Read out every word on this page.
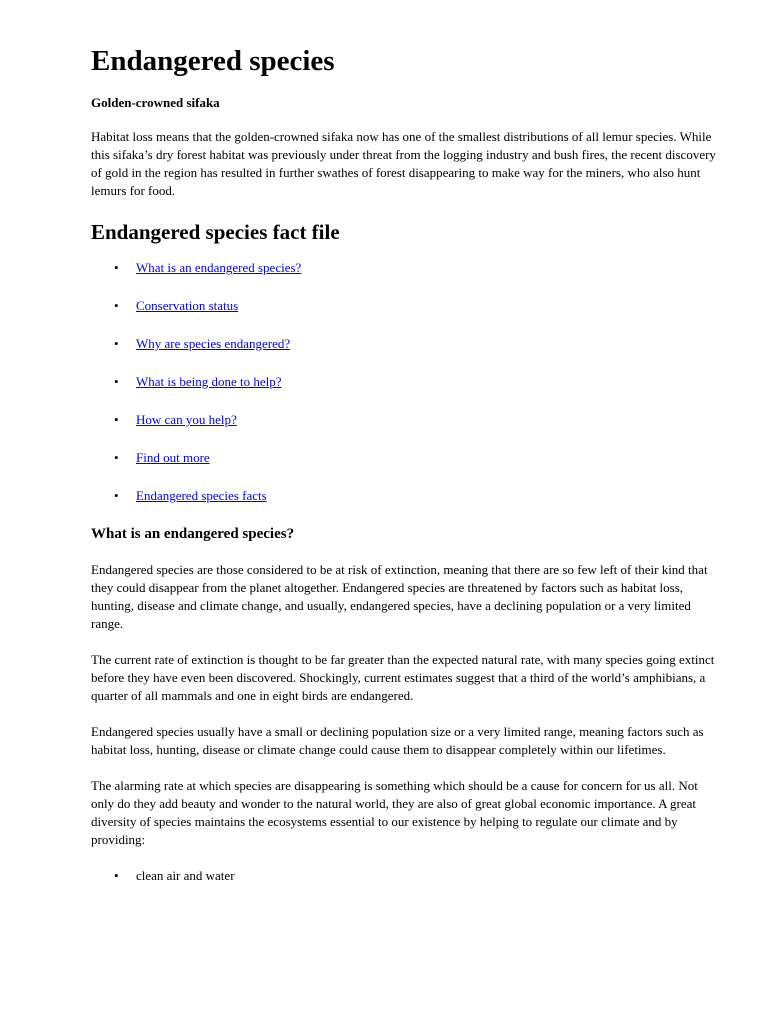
Endangered species
Golden-crowned sifaka

Habitat loss means that the golden-crowned sifaka now has one of the smallest distributions of all lemur species. While this sifaka’s dry forest habitat was previously under threat from the logging industry and bush fires, the recent discovery of gold in the region has resulted in further swathes of forest disappearing to make way for the miners, who also hunt lemurs for food.

Endangered species fact file
• What is an endangered species?
• Conservation status
• Why are species endangered?
• What is being done to help?
• How can you help?
• Find out more
• Endangered species facts
What is an endangered species?

Endangered species are those considered to be at risk of extinction, meaning that there are so few left of their kind that they could disappear from the planet altogether. Endangered species are threatened by factors such as habitat loss, hunting, disease and climate change, and usually, endangered species, have a declining population or a very limited range.

The current rate of extinction is thought to be far greater than the expected natural rate, with many species going extinct before they have even been discovered. Shockingly, current estimates suggest that a third of the world’s amphibians, a quarter of all mammals and one in eight birds are endangered.

Endangered species usually have a small or declining population size or a very limited range, meaning factors such as habitat loss, hunting, disease or climate change could cause them to disappear completely within our lifetimes.

The alarming rate at which species are disappearing is something which should be a cause for concern for us all. Not only do they add beauty and wonder to the natural world, they are also of great global economic importance. A great diversity of species maintains the ecosystems essential to our existence by helping to regulate our climate and by providing:

• clean air and water
